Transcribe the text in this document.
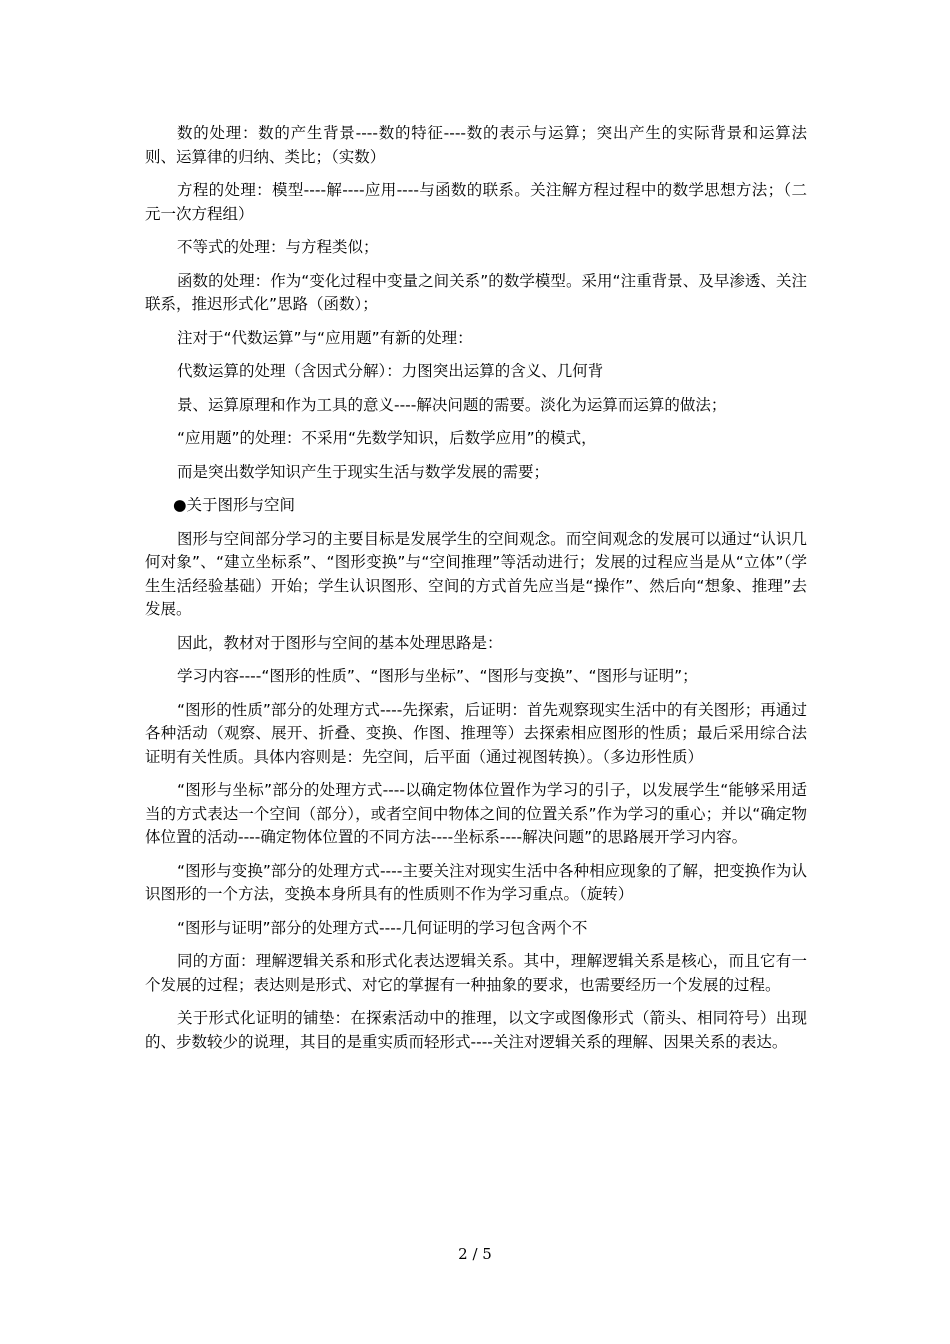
数的处理：数的产生背景----数的特征----数的表示与运算；突出产生的实际背景和运算法则、运算律的归纳、类比；（实数）

方程的处理：模型----解----应用----与函数的联系。关注解方程过程中的数学思想方法；（二元一次方程组）

不等式的处理：与方程类似；

函数的处理：作为“变化过程中变量之间关系”的数学模型。采用“注重背景、及早渗透、关注联系，推迟形式化”思路（函数）；

注对于“代数运算”与“应用题”有新的处理：

代数运算的处理（含因式分解）：力图突出运算的含义、几何背

景、运算原理和作为工具的意义----解决问题的需要。淡化为运算而运算的做法；

“应用题”的处理：不采用“先数学知识，后数学应用”的模式，

而是突出数学知识产生于现实生活与数学发展的需要；

●关于图形与空间

图形与空间部分学习的主要目标是发展学生的空间观念。而空间观念的发展可以通过“认识几何对象”、“建立坐标系”、“图形变换”与“空间推理”等活动进行；发展的过程应当是从“立体”（学生生活经验基础）开始；学生认识图形、空间的方式首先应当是“操作”、然后向“想象、推理”去发展。

因此，教材对于图形与空间的基本处理思路是：

学习内容----“图形的性质”、“图形与坐标”、“图形与变换”、“图形与证明”；

“图形的性质”部分的处理方式----先探索，后证明：首先观察现实生活中的有关图形；再通过各种活动（观察、展开、折叠、变换、作图、推理等）去探索相应图形的性质；最后采用综合法证明有关性质。具体内容则是：先空间，后平面（通过视图转换）。（多边形性质）

“图形与坐标”部分的处理方式----以确定物体位置作为学习的引子，以发展学生“能够采用适当的方式表达一个空间（部分），或者空间中物体之间的位置关系”作为学习的重心；并以“确定物体位置的活动----确定物体位置的不同方法----坐标系----解决问题”的思路展开学习内容。

“图形与变换”部分的处理方式----主要关注对现实生活中各种相应现象的了解，把变换作为认识图形的一个方法，变换本身所具有的性质则不作为学习重点。（旋转）

“图形与证明”部分的处理方式----几何证明的学习包含两个不

同的方面：理解逻辑关系和形式化表达逻辑关系。其中，理解逻辑关系是核心，而且它有一个发展的过程；表达则是形式、对它的掌握有一种抽象的要求，也需要经历一个发展的过程。

关于形式化证明的铺垫：在探索活动中的推理，以文字或图像形式（箭头、相同符号）出现的、步数较少的说理，其目的是重实质而轻形式----关注对逻辑关系的理解、因果关系的表达。

2 / 5
